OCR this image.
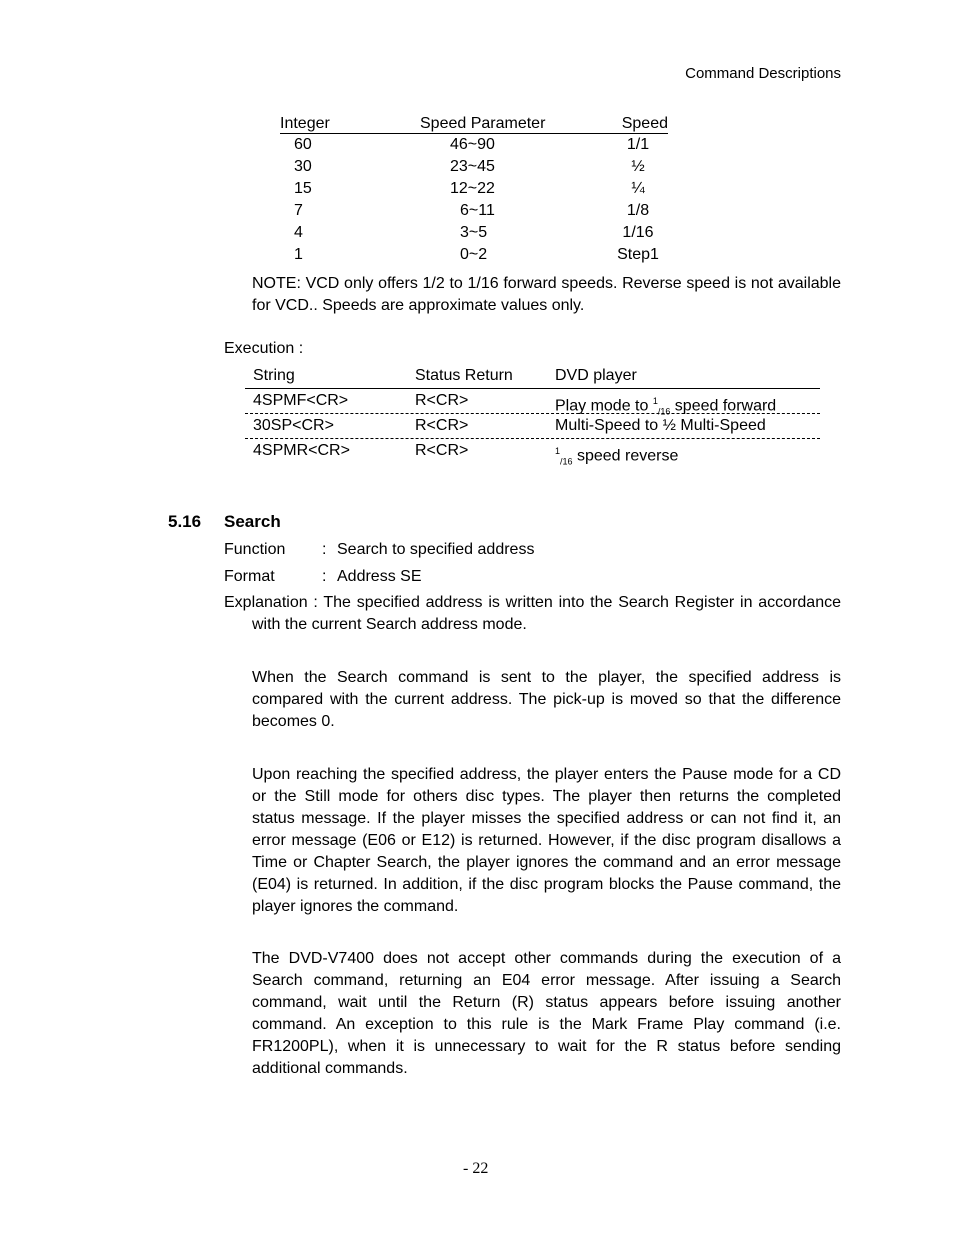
Command Descriptions
Integer	Speed Parameter	Speed
60	46~90	1/1
30	23~45	½
15	12~22	¼
7	6~11	1/8
4	3~5	1/16
1	0~2	Step1
NOTE: VCD only offers 1/2 to 1/16 forward speeds. Reverse speed is not available for VCD.. Speeds are approximate values only.
Execution :
String	Status Return	DVD player
4SPMF<CR>	R<CR>	Play mode to $^1_{/16}$ speed forward
30SP<CR>	R<CR>	Multi-Speed to ½ Multi-Speed
4SPMR<CR>	R<CR>	$^1_{/16}$ speed reverse
5.16 Search
Function : Search to specified address
Format	: Address SE
Explanation : The specified address is written into the Search Register in accordance with the current Search address mode.
When the Search command is sent to the player, the specified address is compared with the current address. The pick-up is moved so that the difference becomes 0.
Upon reaching the specified address, the player enters the Pause mode for a CD or the Still mode for others disc types. The player then returns the completed status message. If the player misses the specified address or can not find it, an error message (E06 or E12) is returned. However, if the disc program disallows a Time or Chapter Search, the player ignores the command and an error message (E04) is returned. In addition, if the disc program blocks the Pause command, the player ignores the command.
The DVD-V7400 does not accept other commands during the execution of a Search command, returning an E04 error message. After issuing a Search command, wait until the Return (R) status appears before issuing another command. An exception to this rule is the Mark Frame Play command (i.e. FR1200PL), when it is unnecessary to wait for the R status before sending additional commands.
- 22
